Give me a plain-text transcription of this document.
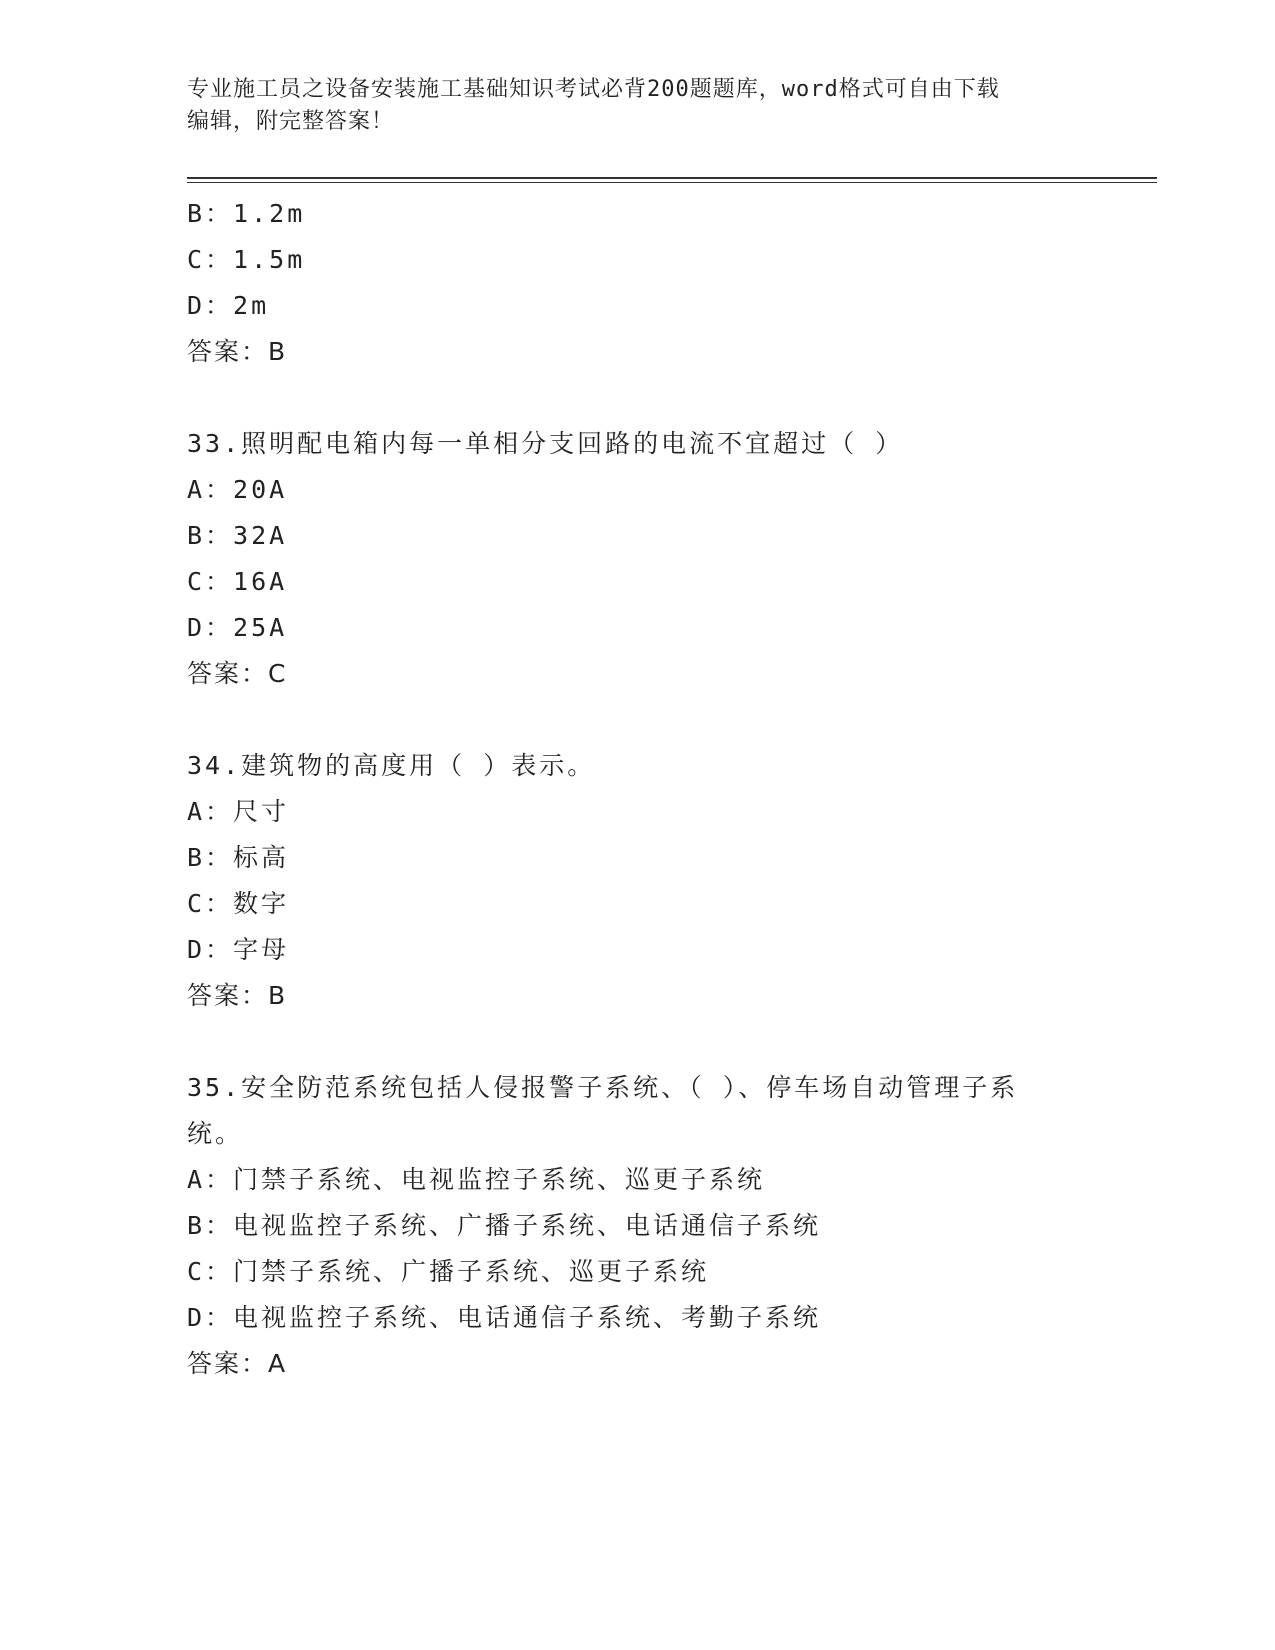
专业施工员之设备安装施工基础知识考试必背200题题库，word格式可自由下载
编辑，附完整答案！
B：1.2m
C：1.5m
D：2m
答案：B
33.照明配电箱内每一单相分支回路的电流不宜超过（ ）
A：20A
B：32A
C：16A
D：25A
答案：C
34.建筑物的高度用（ ）表示。
A：尺寸
B：标高
C：数字
D：字母
答案：B
35.安全防范系统包括人侵报警子系统、（ ）、停车场自动管理子系
统。
A：门禁子系统、电视监控子系统、巡更子系统
B：电视监控子系统、广播子系统、电话通信子系统
C：门禁子系统、广播子系统、巡更子系统
D：电视监控子系统、电话通信子系统、考勤子系统
答案：A
